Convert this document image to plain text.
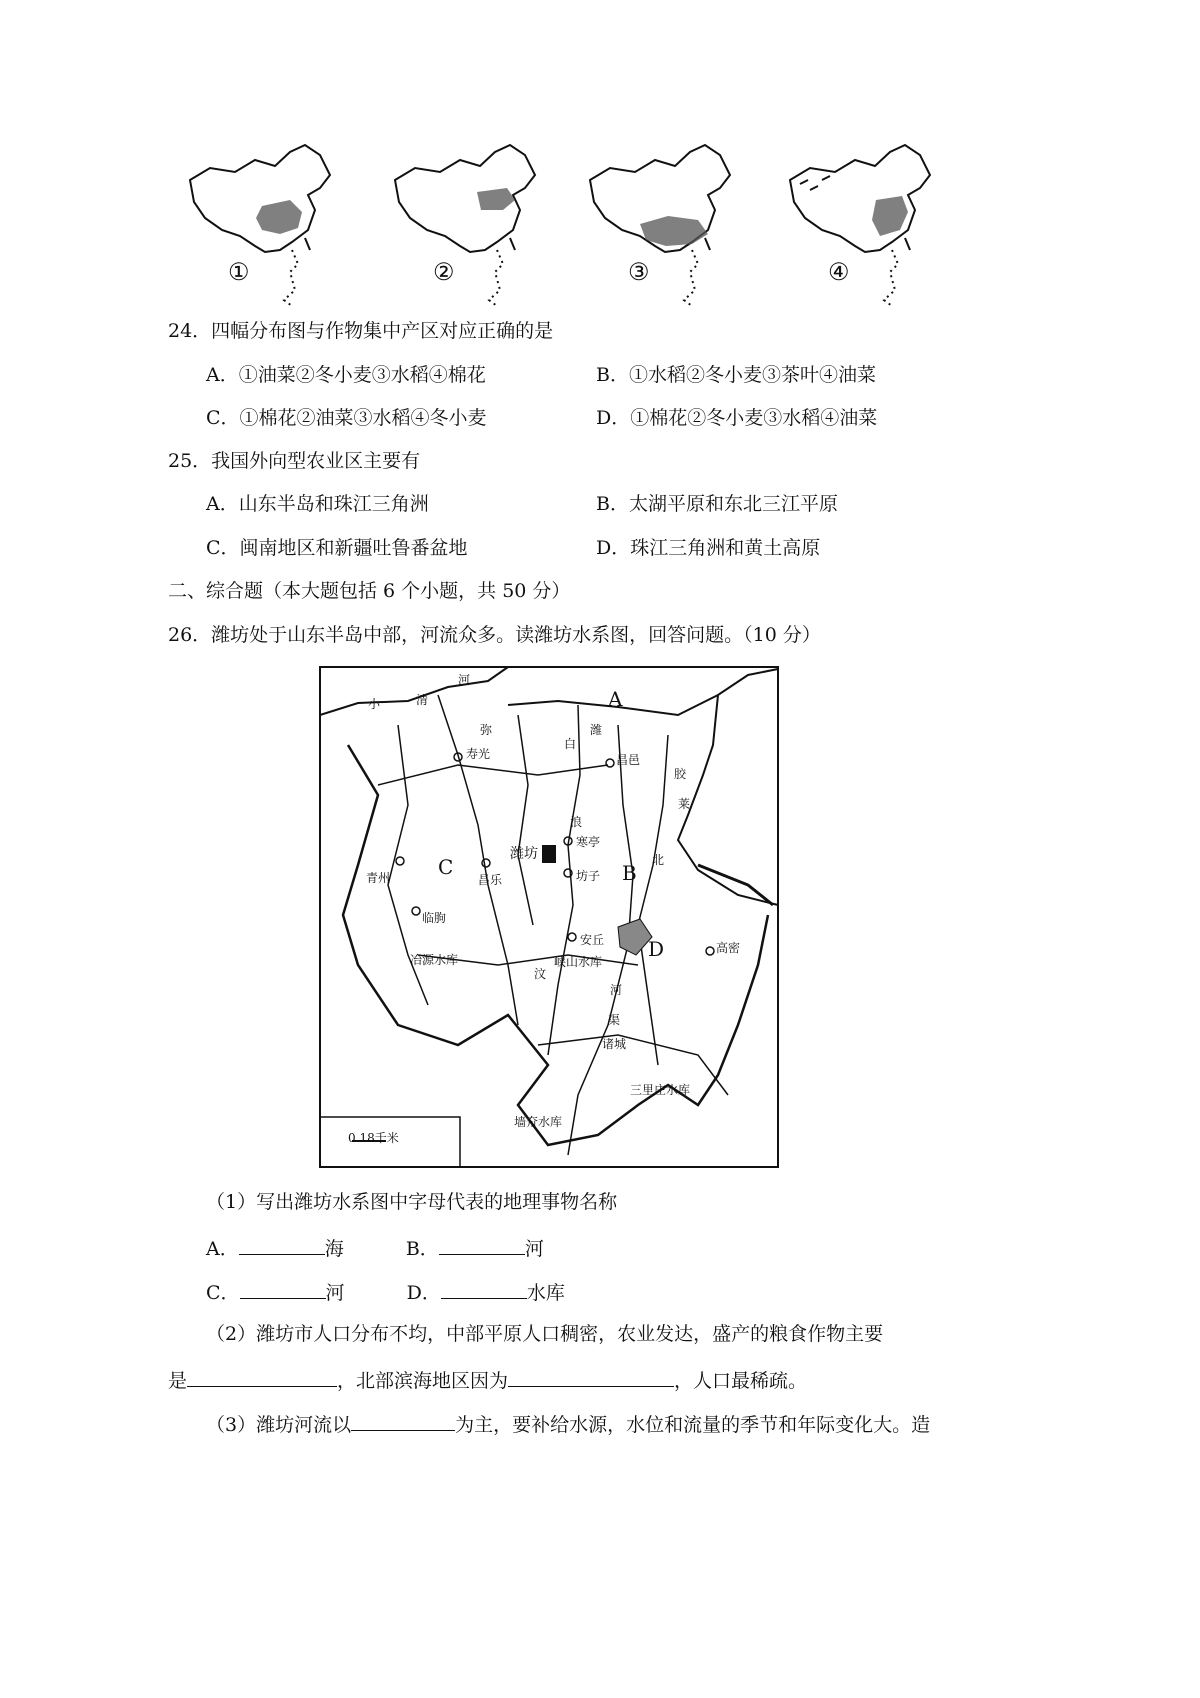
①	②	③	④
24．四幅分布图与作物集中产区对应正确的是
A．①油菜②冬小麦③水稻④棉花	B．①水稻②冬小麦③茶叶④油菜
C．①棉花②油菜③水稻④冬小麦	D．①棉花②冬小麦③水稻④油菜
25．我国外向型农业区主要有
A．山东半岛和珠江三角洲	B．太湖平原和东北三江平原
C．闽南地区和新疆吐鲁番盆地	D．珠江三角洲和黄土高原
二、综合题（本大题包括 6 个小题，共 50 分）
26．潍坊处于山东半岛中部，河流众多。读潍坊水系图，回答问题。（10 分）
A
B
C
D
寿光	昌邑
潍坊
寒亭
青州	昌乐	坊子
临朐
安丘
高密
诸城
冶源水库	峡山水库
三里庄水库
墙夼水库
小	清
河
弥
白
潍
浪
胶
莱
北
汶
渠
河
0 18千米
（1）写出潍坊水系图中字母代表的地理事物名称
A．	海	B．	河
C．	河	D．	水库
（2）潍坊市人口分布不均，中部平原人口稠密，农业发达，盛产的粮食作物主要
是	，北部滨海地区因为	，人口最稀疏。
（3）潍坊河流以	为主，要补给水源，水位和流量的季节和年际变化大。造
